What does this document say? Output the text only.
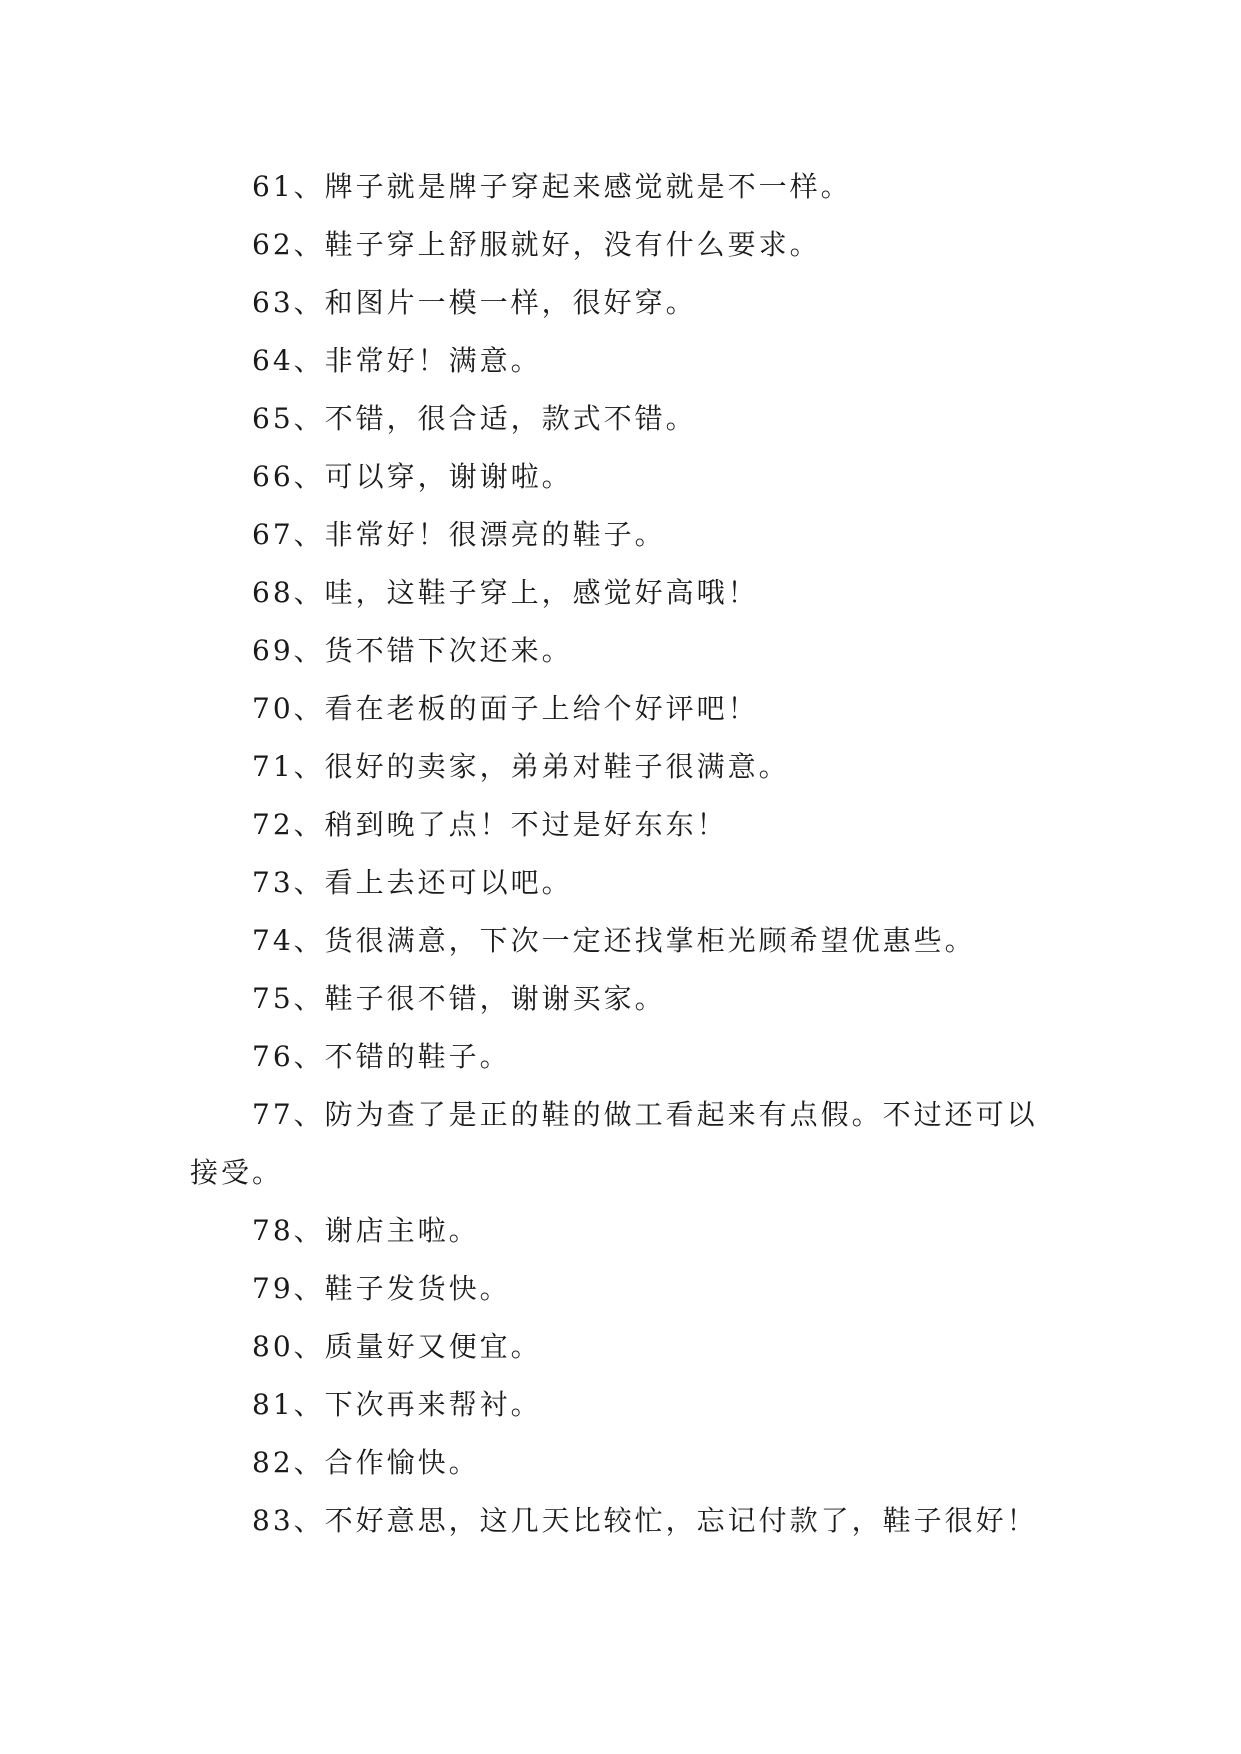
61、牌子就是牌子穿起来感觉就是不一样。
62、鞋子穿上舒服就好，没有什么要求。
63、和图片一模一样，很好穿。
64、非常好！满意。
65、不错，很合适，款式不错。
66、可以穿，谢谢啦。
67、非常好！很漂亮的鞋子。
68、哇，这鞋子穿上，感觉好高哦！
69、货不错下次还来。
70、看在老板的面子上给个好评吧！
71、很好的卖家，弟弟对鞋子很满意。
72、稍到晚了点！不过是好东东！
73、看上去还可以吧。
74、货很满意，下次一定还找掌柜光顾希望优惠些。
75、鞋子很不错，谢谢买家。
76、不错的鞋子。
77、防为查了是正的鞋的做工看起来有点假。不过还可以接受。
78、谢店主啦。
79、鞋子发货快。
80、质量好又便宜。
81、下次再来帮衬。
82、合作愉快。
83、不好意思，这几天比较忙，忘记付款了，鞋子很好！
